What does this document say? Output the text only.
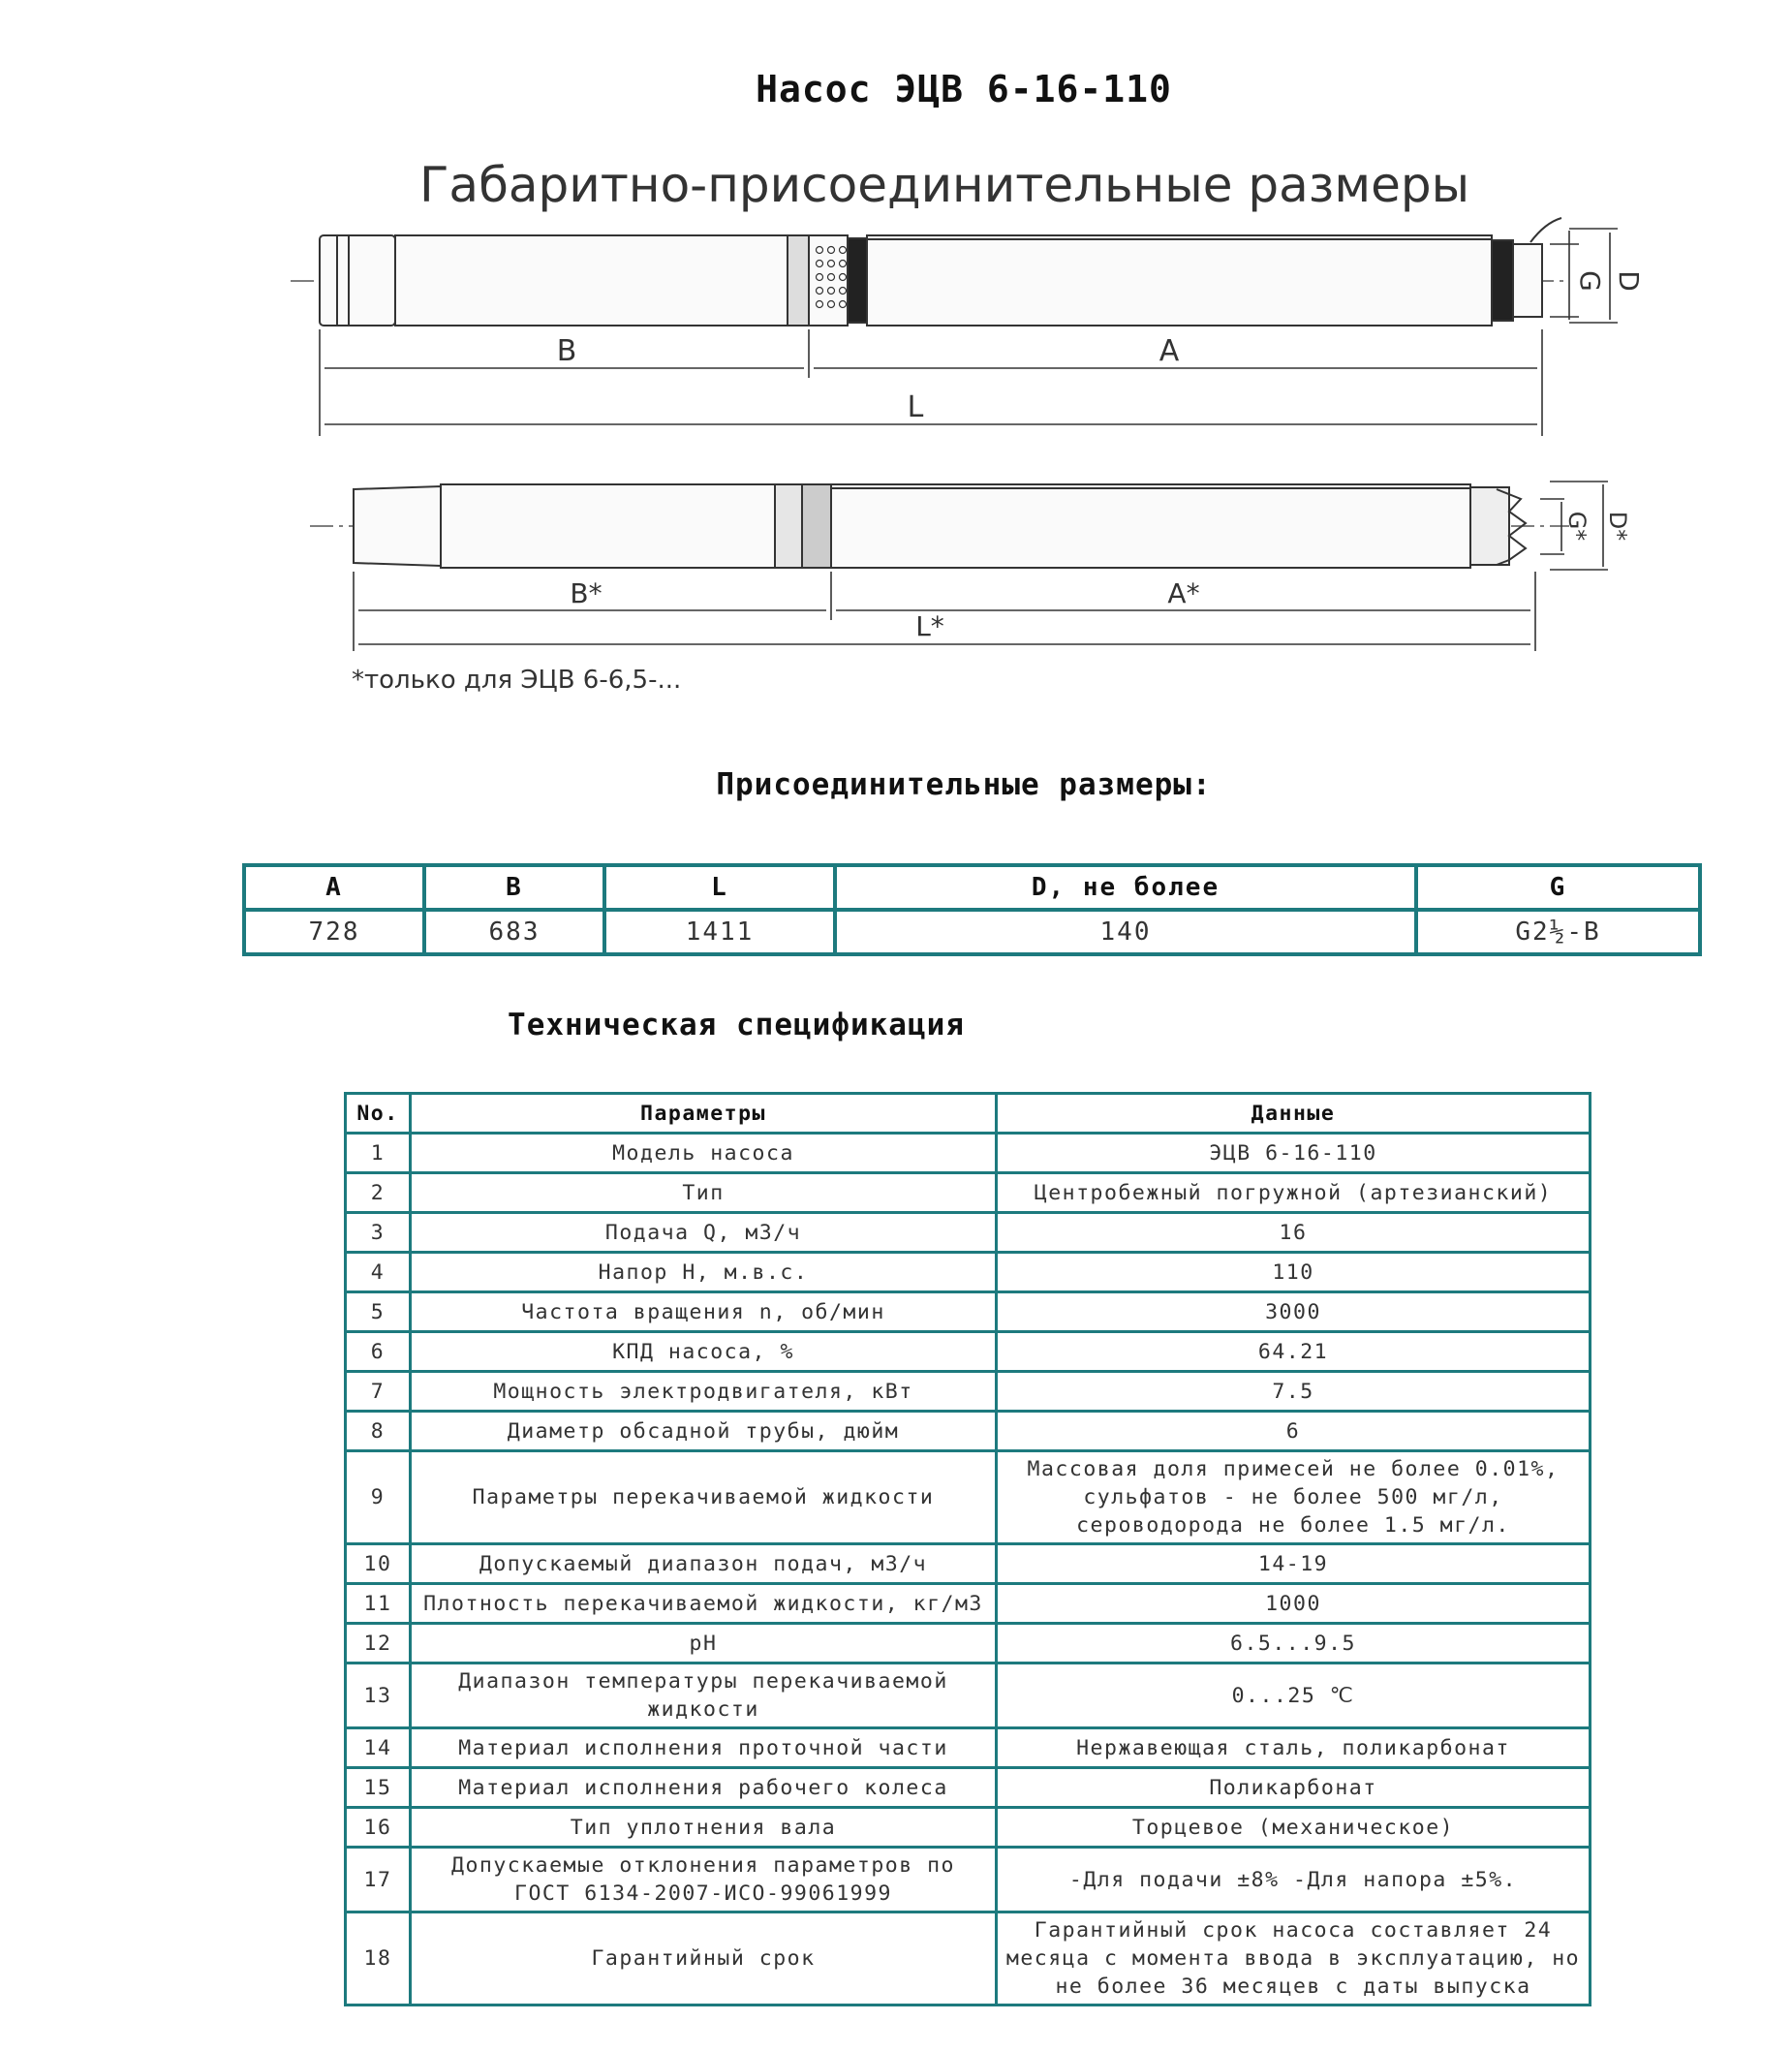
Насос ЭЦВ 6-16-110
Габаритно-присоединительные размеры
B	A
L
G D
B*	A*
L*
G* D*
*только для ЭЦВ 6-6,5-...
Присоединительные размеры:
A	B	L	D, не более	G
728	683	1411	140	G2½-B
Техническая спецификация
No.	Параметры	Данные
1	Модель насоса	ЭЦВ 6-16-110
2	Тип	Центробежный погружной (артезианский)
3	Подача Q, м3/ч	16
4	Напор H, м.в.с.	110
5	Частота вращения n, об/мин	3000
6	КПД насоса, %	64.21
7	Мощность электродвигателя, кВт	7.5
8	Диаметр обсадной трубы, дюйм	6
9	Параметры перекачиваемой жидкости	Массовая доля примесей не более 0.01%, сульфатов - не более 500 мг/л, сероводорода не более 1.5 мг/л.
10	Допускаемый диапазон подач, м3/ч	14-19
11	Плотность перекачиваемой жидкости, кг/м3	1000
12	pH	6.5...9.5
13	Диапазон температуры перекачиваемой жидкости	0...25 ℃
14	Материал исполнения проточной части	Нержавеющая сталь, поликарбонат
15	Материал исполнения рабочего колеса	Поликарбонат
16	Тип уплотнения вала	Торцевое (механическое)
17	Допускаемые отклонения параметров по ГОСТ 6134-2007-ИСО-99061999	-Для подачи ±8% -Для напора ±5%.
18	Гарантийный срок	Гарантийный срок насоса составляет 24 месяца с момента ввода в эксплуатацию, но не более 36 месяцев с даты выпуска
